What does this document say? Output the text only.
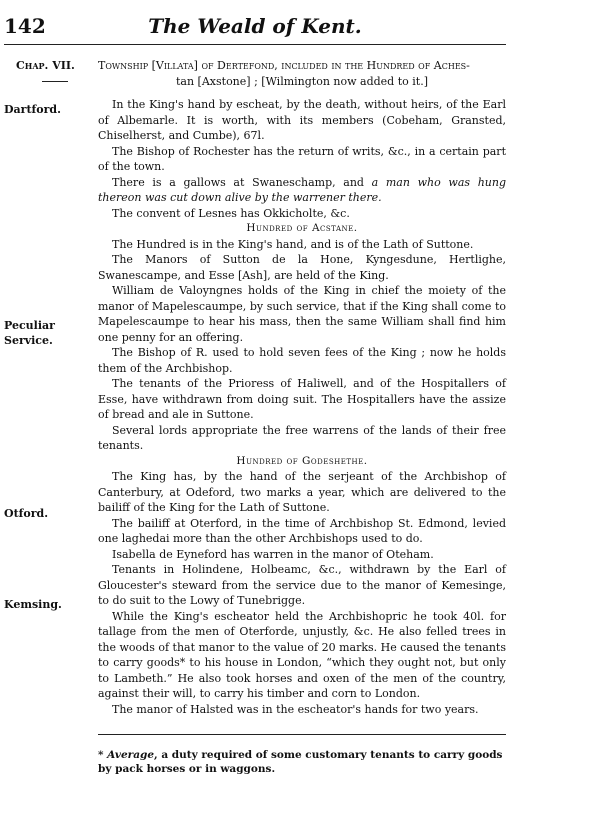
142	The Weald of Kent.
Chap. VII.
Dartford.
Peculiar
Service.
Otford.
Kemsing.

Township [Villata] of Dertefond, included in the Hundred of Aches-

tan [Axstone] ; [Wilmington now added to it.]

In the King's hand by escheat, by the death, without heirs, of the Earl of Albemarle. It is worth, with its members (Cobeham, Gransted, Chiselherst, and Cumbe), 67l.

The Bishop of Rochester has the return of writs, &c., in a certain part of the town.

There is a gallows at Swaneschamp, and a man who was hung thereon was cut down alive by the warrener there.

The convent of Lesnes has Okkicholte, &c.

Hundred of Acstane.

The Hundred is in the King's hand, and is of the Lath of Suttone.

The Manors of Sutton de la Hone, Kyngesdune, Hertlighe, Swanescampe, and Esse [Ash], are held of the King.

William de Valoyngnes holds of the King in chief the moiety of the manor of Mapelescaumpe, by such service, that if the King shall come to Mapelescaumpe to hear his mass, then the same William shall find him one penny for an offering.

The Bishop of R. used to hold seven fees of the King ; now he holds them of the Archbishop.

The tenants of the Prioress of Haliwell, and of the Hospitallers of Esse, have withdrawn from doing suit. The Hospitallers have the assize of bread and ale in Suttone.

Several lords appropriate the free warrens of the lands of their free tenants.

Hundred of Godeshethe.

The King has, by the hand of the serjeant of the Archbishop of Canterbury, at Odeford, two marks a year, which are delivered to the bailiff of the King for the Lath of Suttone.

The bailiff at Oterford, in the time of Archbishop St. Edmond, levied one laghedai more than the other Archbishops used to do.

Isabella de Eyneford has warren in the manor of Oteham.

Tenants in Holindene, Holbeamc, &c., withdrawn by the Earl of Gloucester's steward from the service due to the manor of Kemesinge, to do suit to the Lowy of Tunebrigge.

While the King's escheator held the Archbishopric he took 40l. for tallage from the men of Oterforde, unjustly, &c. He also felled trees in the woods of that manor to the value of 20 marks. He caused the tenants to carry goods* to his house in London, “which they ought not, but only to Lambeth.” He also took horses and oxen of the men of the country, against their will, to carry his timber and corn to London.

The manor of Halsted was in the escheator's hands for two years.

* Average, a duty required of some customary tenants to carry goods by pack horses or in waggons.
